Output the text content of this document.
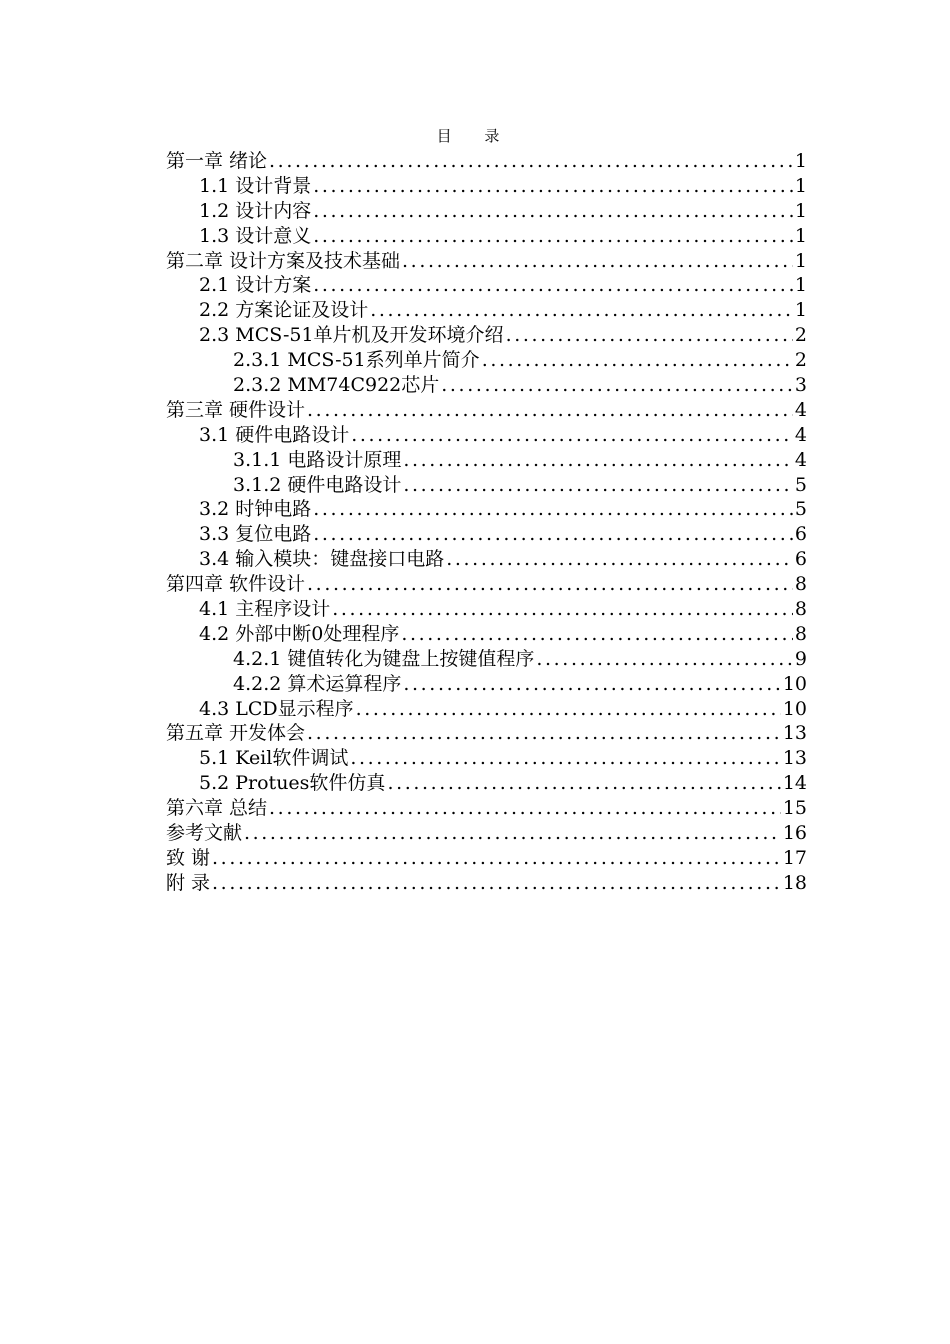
目 录
第一章 绪论 .....	1
1.1 设计背景 .....	1
1.2 设计内容 .....	1
1.3 设计意义 .....	1
第二章 设计方案及技术基础 .....	1
2.1 设计方案 .....	1
2.2 方案论证及设计 .....	1
2.3 MCS-51单片机及开发环境介绍 .....	2
2.3.1 MCS-51系列单片简介 .....	2
2.3.2 MM74C922芯片 .....	3
第三章 硬件设计 .....	4
3.1 硬件电路设计 .....	4
3.1.1 电路设计原理 .....	4
3.1.2 硬件电路设计 .....	5
3.2 时钟电路 .....	5
3.3 复位电路 .....	6
3.4 输入模块：键盘接口电路 .....	6
第四章 软件设计 .....	8
4.1 主程序设计 .....	8
4.2 外部中断0处理程序 .....	8
4.2.1 键值转化为键盘上按键值程序 .....	9
4.2.2 算术运算程序 .....	10
4.3 LCD显示程序 .....	10
第五章 开发体会 .....	13
5.1 Keil软件调试 .....	13
5.2 Protues软件仿真 .....	14
第六章 总结 .....	15
参考文献 .....	16
致 谢 .....	17
附 录 .....	18
